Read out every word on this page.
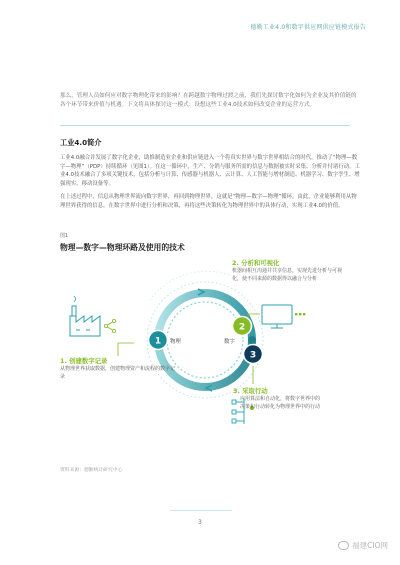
德勤工业4.0和数字供应网供应链模式报告
那么，管理人员如何应对数字物理化带来的影响？在跨越数字物理过渡之前，我们先探讨数字化如何为企业及其价值链的各个环节带来价值与机遇。下文将具体探讨这一模式：设想这些工业4.0技术如何改变企业的运营方式。
工业4.0简介
工业4.0融合并发展了数字化企业，助推制造业企业和供应链进入一个将真实世界与数字世界相结合的时代，推动了“物理—数字—物理”（PDP）持续循环（见图1）。在这一循环中，生产、分销与服务所需的信息与数据被实时采集、分析并付诸行动。工业4.0技术融合了多项关键技术，包括分析与计算、传感器与机器人、云计算、人工智能与增材制造、机器学习、数字孪生、增强现实、移动设备等。
在上述过程中，信息从物理世界流向数字世界，再回到物理世界，这就是“物理—数字—物理”循环。由此，企业能够利用从物理世界获得的信息，在数字世界中进行分析和决策，再将这些决策转化为物理世界中的具体行动，实现工业4.0的价值。
图1
物理—数字—物理环路及使用的技术
物理	数字
1
2
3
2. 分析和可视化
机器间相互沟通并共享信息，实现先进分析与可视化，使不同来源的数据得以融合与分析
1. 创建数字记录
从物理世界获取数据，创建物理资产和流程的数字记录
3. 采取行动
应用算法和自动化，将数字世界中的决策和行动转化为物理世界中的行动
资料来源：德勤统计研究中心
3
福建CIO网
